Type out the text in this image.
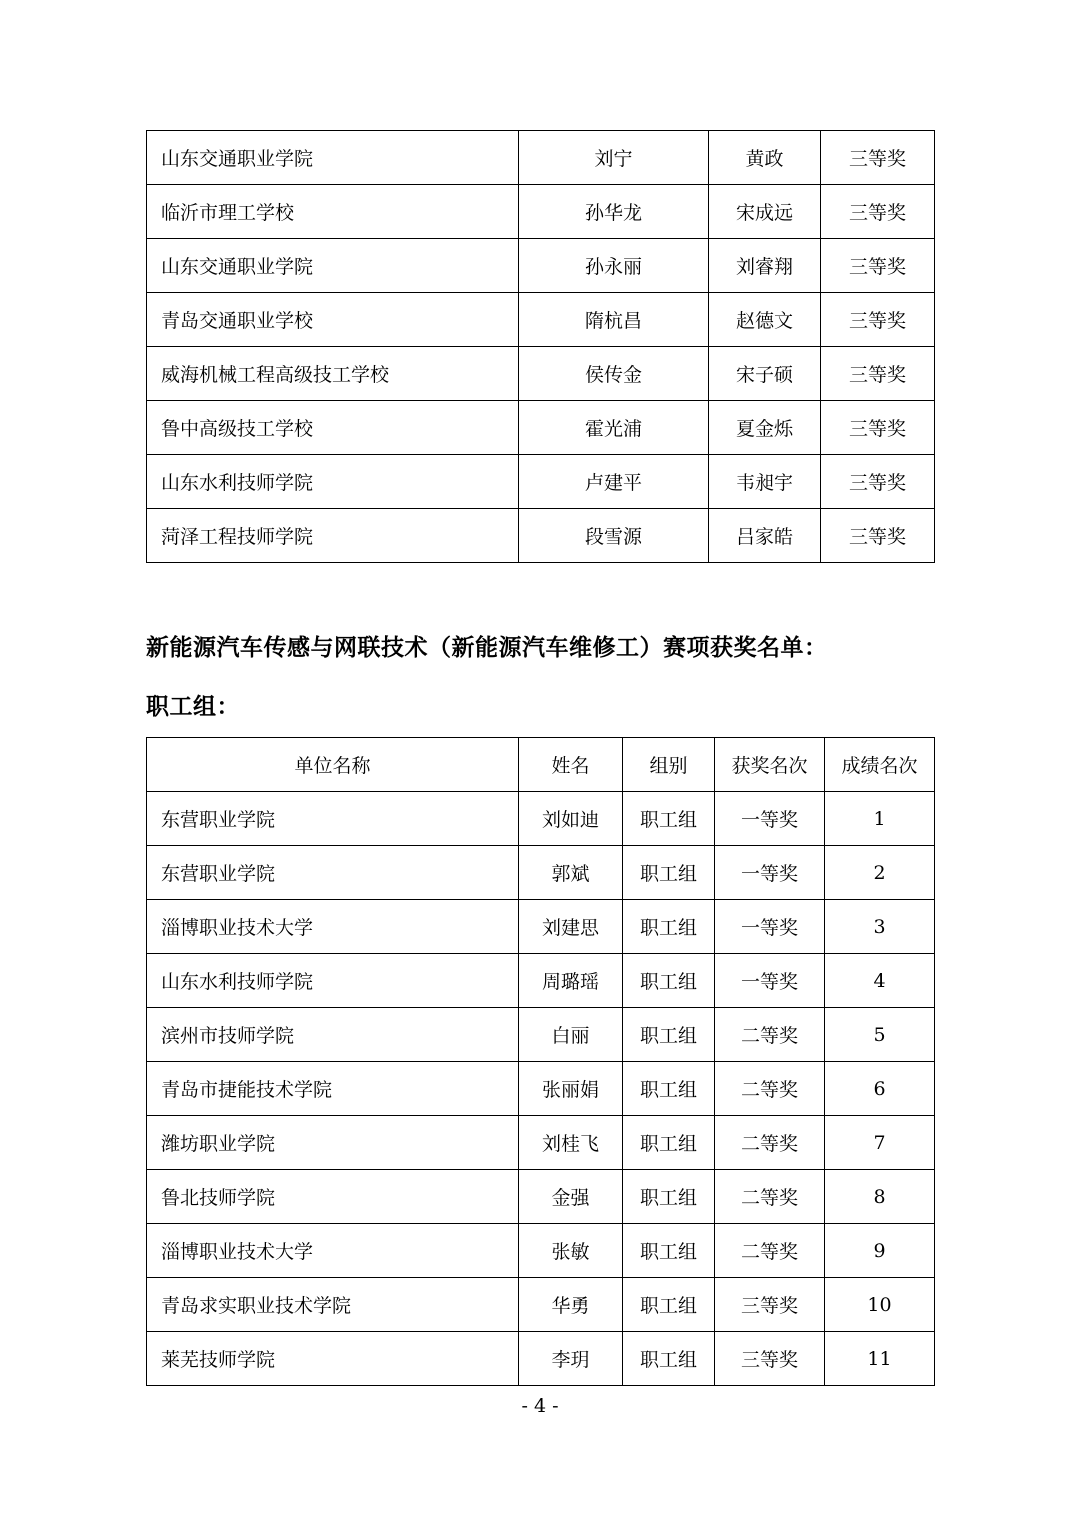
山东交通职业学院	刘宁	黄政	三等奖
临沂市理工学校	孙华龙	宋成远	三等奖
山东交通职业学院	孙永丽	刘睿翔	三等奖
青岛交通职业学校	隋杭昌	赵德文	三等奖
威海机械工程高级技工学校	侯传金	宋子硕	三等奖
鲁中高级技工学校	霍光浦	夏金烁	三等奖
山东水利技师学院	卢建平	韦昶宇	三等奖
菏泽工程技师学院	段雪源	吕家皓	三等奖

新能源汽车传感与网联技术（新能源汽车维修工）赛项获奖名单：

职工组：

单位名称	姓名	组别	获奖名次	成绩名次
东营职业学院	刘如迪	职工组	一等奖	1
东营职业学院	郭斌	职工组	一等奖	2
淄博职业技术大学	刘建思	职工组	一等奖	3
山东水利技师学院	周璐瑶	职工组	一等奖	4
滨州市技师学院	白丽	职工组	二等奖	5
青岛市捷能技术学院	张丽娟	职工组	二等奖	6
潍坊职业学院	刘桂飞	职工组	二等奖	7
鲁北技师学院	金强	职工组	二等奖	8
淄博职业技术大学	张敏	职工组	二等奖	9
青岛求实职业技术学院	华勇	职工组	三等奖	10
莱芜技师学院	李玥	职工组	三等奖	11
- 4 -
